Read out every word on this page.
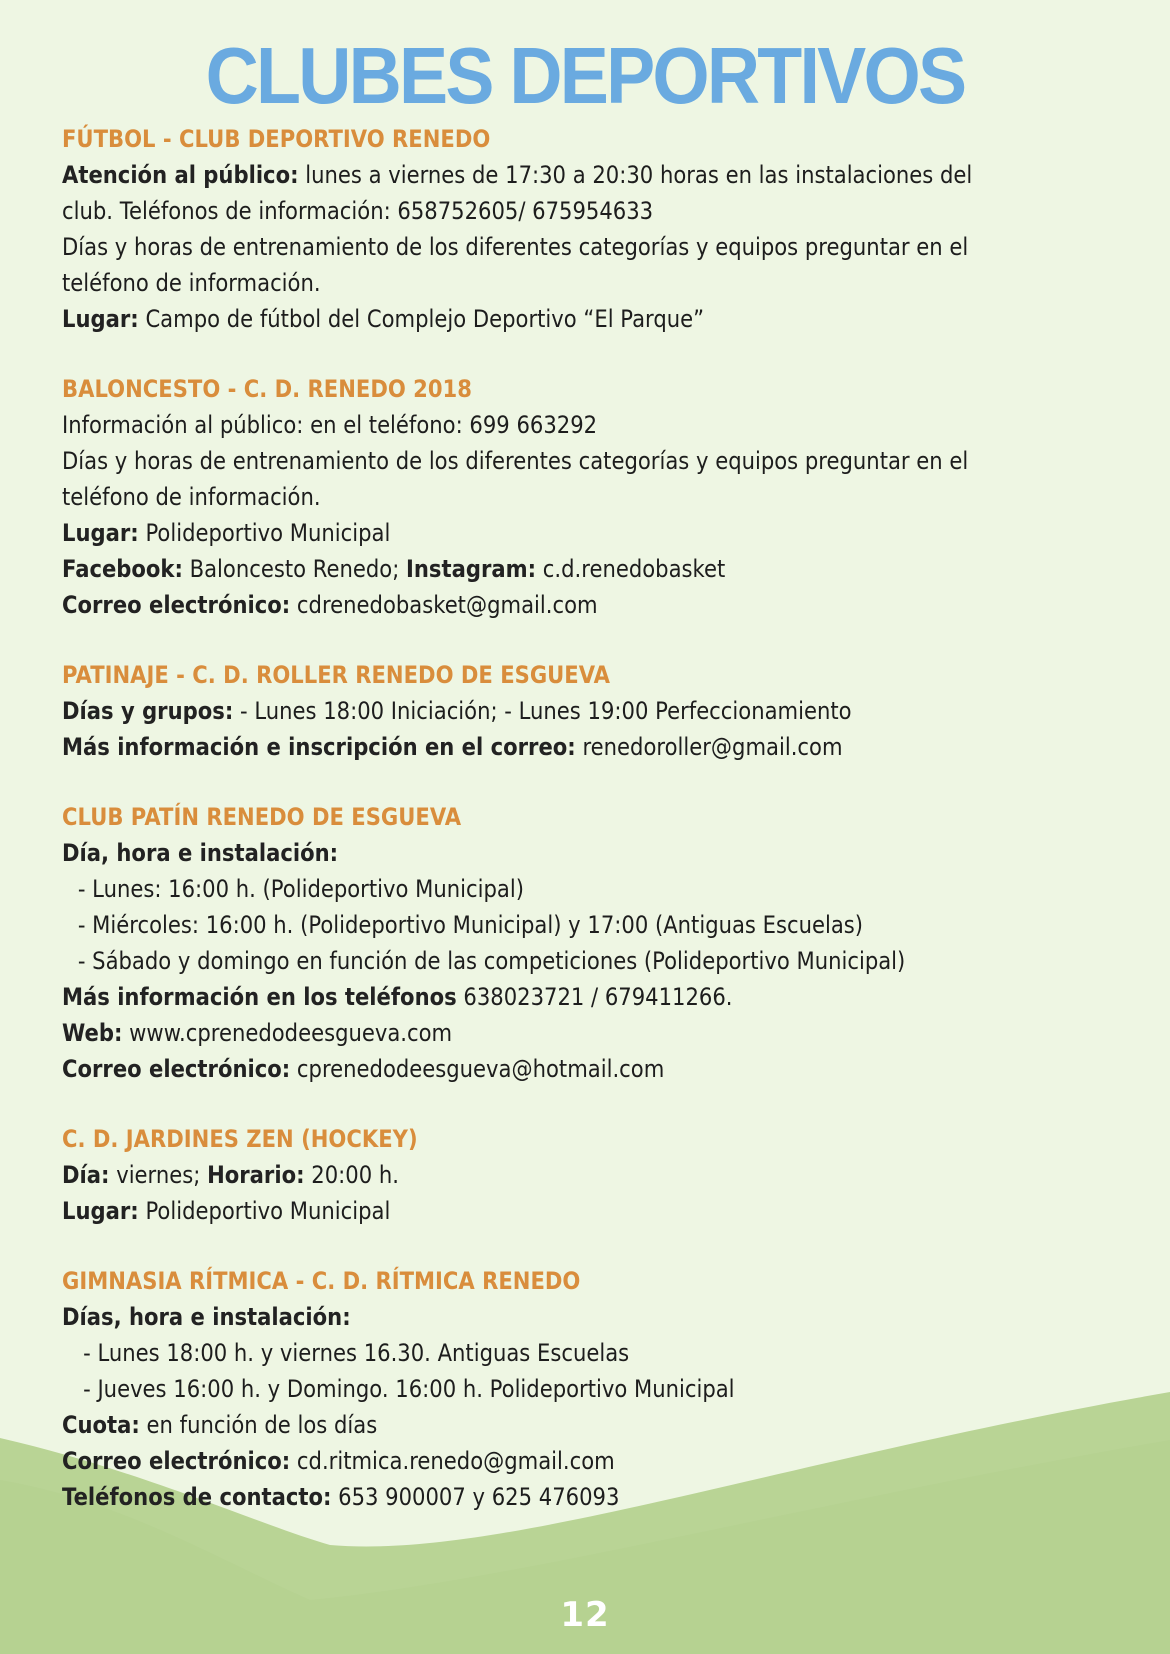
CLUBES DEPORTIVOS
FÚTBOL - CLUB DEPORTIVO RENEDO
Atención al público: lunes a viernes de 17:30 a 20:30 horas en las instalaciones del
club. Teléfonos de información: 658752605/ 675954633
Días y horas de entrenamiento de los diferentes categorías y equipos preguntar en el
teléfono de información.
Lugar: Campo de fútbol del Complejo Deportivo “El Parque”
BALONCESTO - C. D. RENEDO 2018
Información al público: en el teléfono: 699 663292
Días y horas de entrenamiento de los diferentes categorías y equipos preguntar en el
teléfono de información.
Lugar: Polideportivo Municipal
Facebook: Baloncesto Renedo; Instagram: c.d.renedobasket
Correo electrónico: cdrenedobasket@gmail.com
PATINAJE - C. D. ROLLER RENEDO DE ESGUEVA
Días y grupos: - Lunes 18:00 Iniciación; - Lunes 19:00 Perfeccionamiento
Más información e inscripción en el correo: renedoroller@gmail.com
CLUB PATÍN RENEDO DE ESGUEVA
Día, hora e instalación:
- Lunes: 16:00 h. (Polideportivo Municipal)
- Miércoles: 16:00 h. (Polideportivo Municipal) y 17:00 (Antiguas Escuelas)
- Sábado y domingo en función de las competiciones (Polideportivo Municipal)
Más información en los teléfonos 638023721 / 679411266.
Web: www.cprenedodeesgueva.com
Correo electrónico: cprenedodeesgueva@hotmail.com
C. D. JARDINES ZEN (HOCKEY)
Día: viernes; Horario: 20:00 h.
Lugar: Polideportivo Municipal
GIMNASIA RÍTMICA - C. D. RÍTMICA RENEDO
Días, hora e instalación:
- Lunes 18:00 h. y viernes 16.30. Antiguas Escuelas
- Jueves 16:00 h. y Domingo. 16:00 h. Polideportivo Municipal
Cuota: en función de los días
Correo electrónico: cd.ritmica.renedo@gmail.com
Teléfonos de contacto: 653 900007 y 625 476093
12
